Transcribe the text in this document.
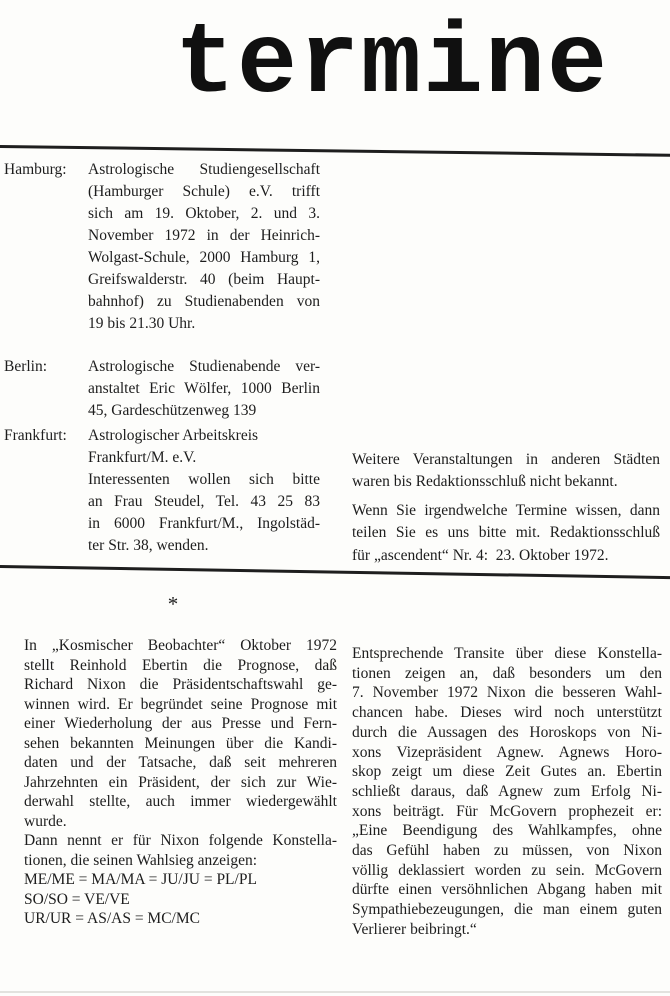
termine
Hamburg:	Astrologische Studiengesellschaft
(Hamburger Schule) e.V. trifft
sich am 19. Oktober, 2. und 3.
November 1972 in der Heinrich-
Wolgast-Schule, 2000 Hamburg 1,
Greifswalderstr. 40 (beim Haupt-
bahnhof) zu Studienabenden von
19 bis 21.30 Uhr.
Berlin:	Astrologische Studienabende ver-
anstaltet Eric Wölfer, 1000 Berlin
45, Gardeschützenweg 139
Frankfurt:	Astrologischer Arbeitskreis
Frankfurt/M. e.V.
Interessenten wollen sich bitte
an Frau Steudel, Tel. 43 25 83
in 6000 Frankfurt/M., Ingolstäd-
ter Str. 38, wenden.
Weitere Veranstaltungen in anderen Städten
waren bis Redaktionsschluß nicht bekannt.
Wenn Sie irgendwelche Termine wissen, dann
teilen Sie es uns bitte mit. Redaktionsschluß
für „ascendent“ Nr. 4:  23. Oktober 1972.
*
In „Kosmischer Beobachter“ Oktober 1972
stellt Reinhold Ebertin die Prognose, daß
Richard Nixon die Präsidentschaftswahl ge-
winnen wird. Er begründet seine Prognose mit
einer Wiederholung der aus Presse und Fern-
sehen bekannten Meinungen über die Kandi-
daten und der Tatsache, daß seit mehreren
Jahrzehnten ein Präsident, der sich zur Wie-
derwahl stellte, auch immer wiedergewählt
wurde.
Dann nennt er für Nixon folgende Konstella-
tionen, die seinen Wahlsieg anzeigen:
ME/ME = MA/MA = JU/JU = PL/PL
SO/SO = VE/VE
UR/UR = AS/AS = MC/MC
Entsprechende Transite über diese Konstella-
tionen zeigen an, daß besonders um den
7. November 1972 Nixon die besseren Wahl-
chancen habe. Dieses wird noch unterstützt
durch die Aussagen des Horoskops von Ni-
xons Vizepräsident Agnew. Agnews Horo-
skop zeigt um diese Zeit Gutes an. Ebertin
schließt daraus, daß Agnew zum Erfolg Ni-
xons beiträgt. Für McGovern prophezeit er:
„Eine Beendigung des Wahlkampfes, ohne
das Gefühl haben zu müssen, von Nixon
völlig deklassiert worden zu sein. McGovern
dürfte einen versöhnlichen Abgang haben mit
Sympathiebezeugungen, die man einem guten
Verlierer beibringt.“
